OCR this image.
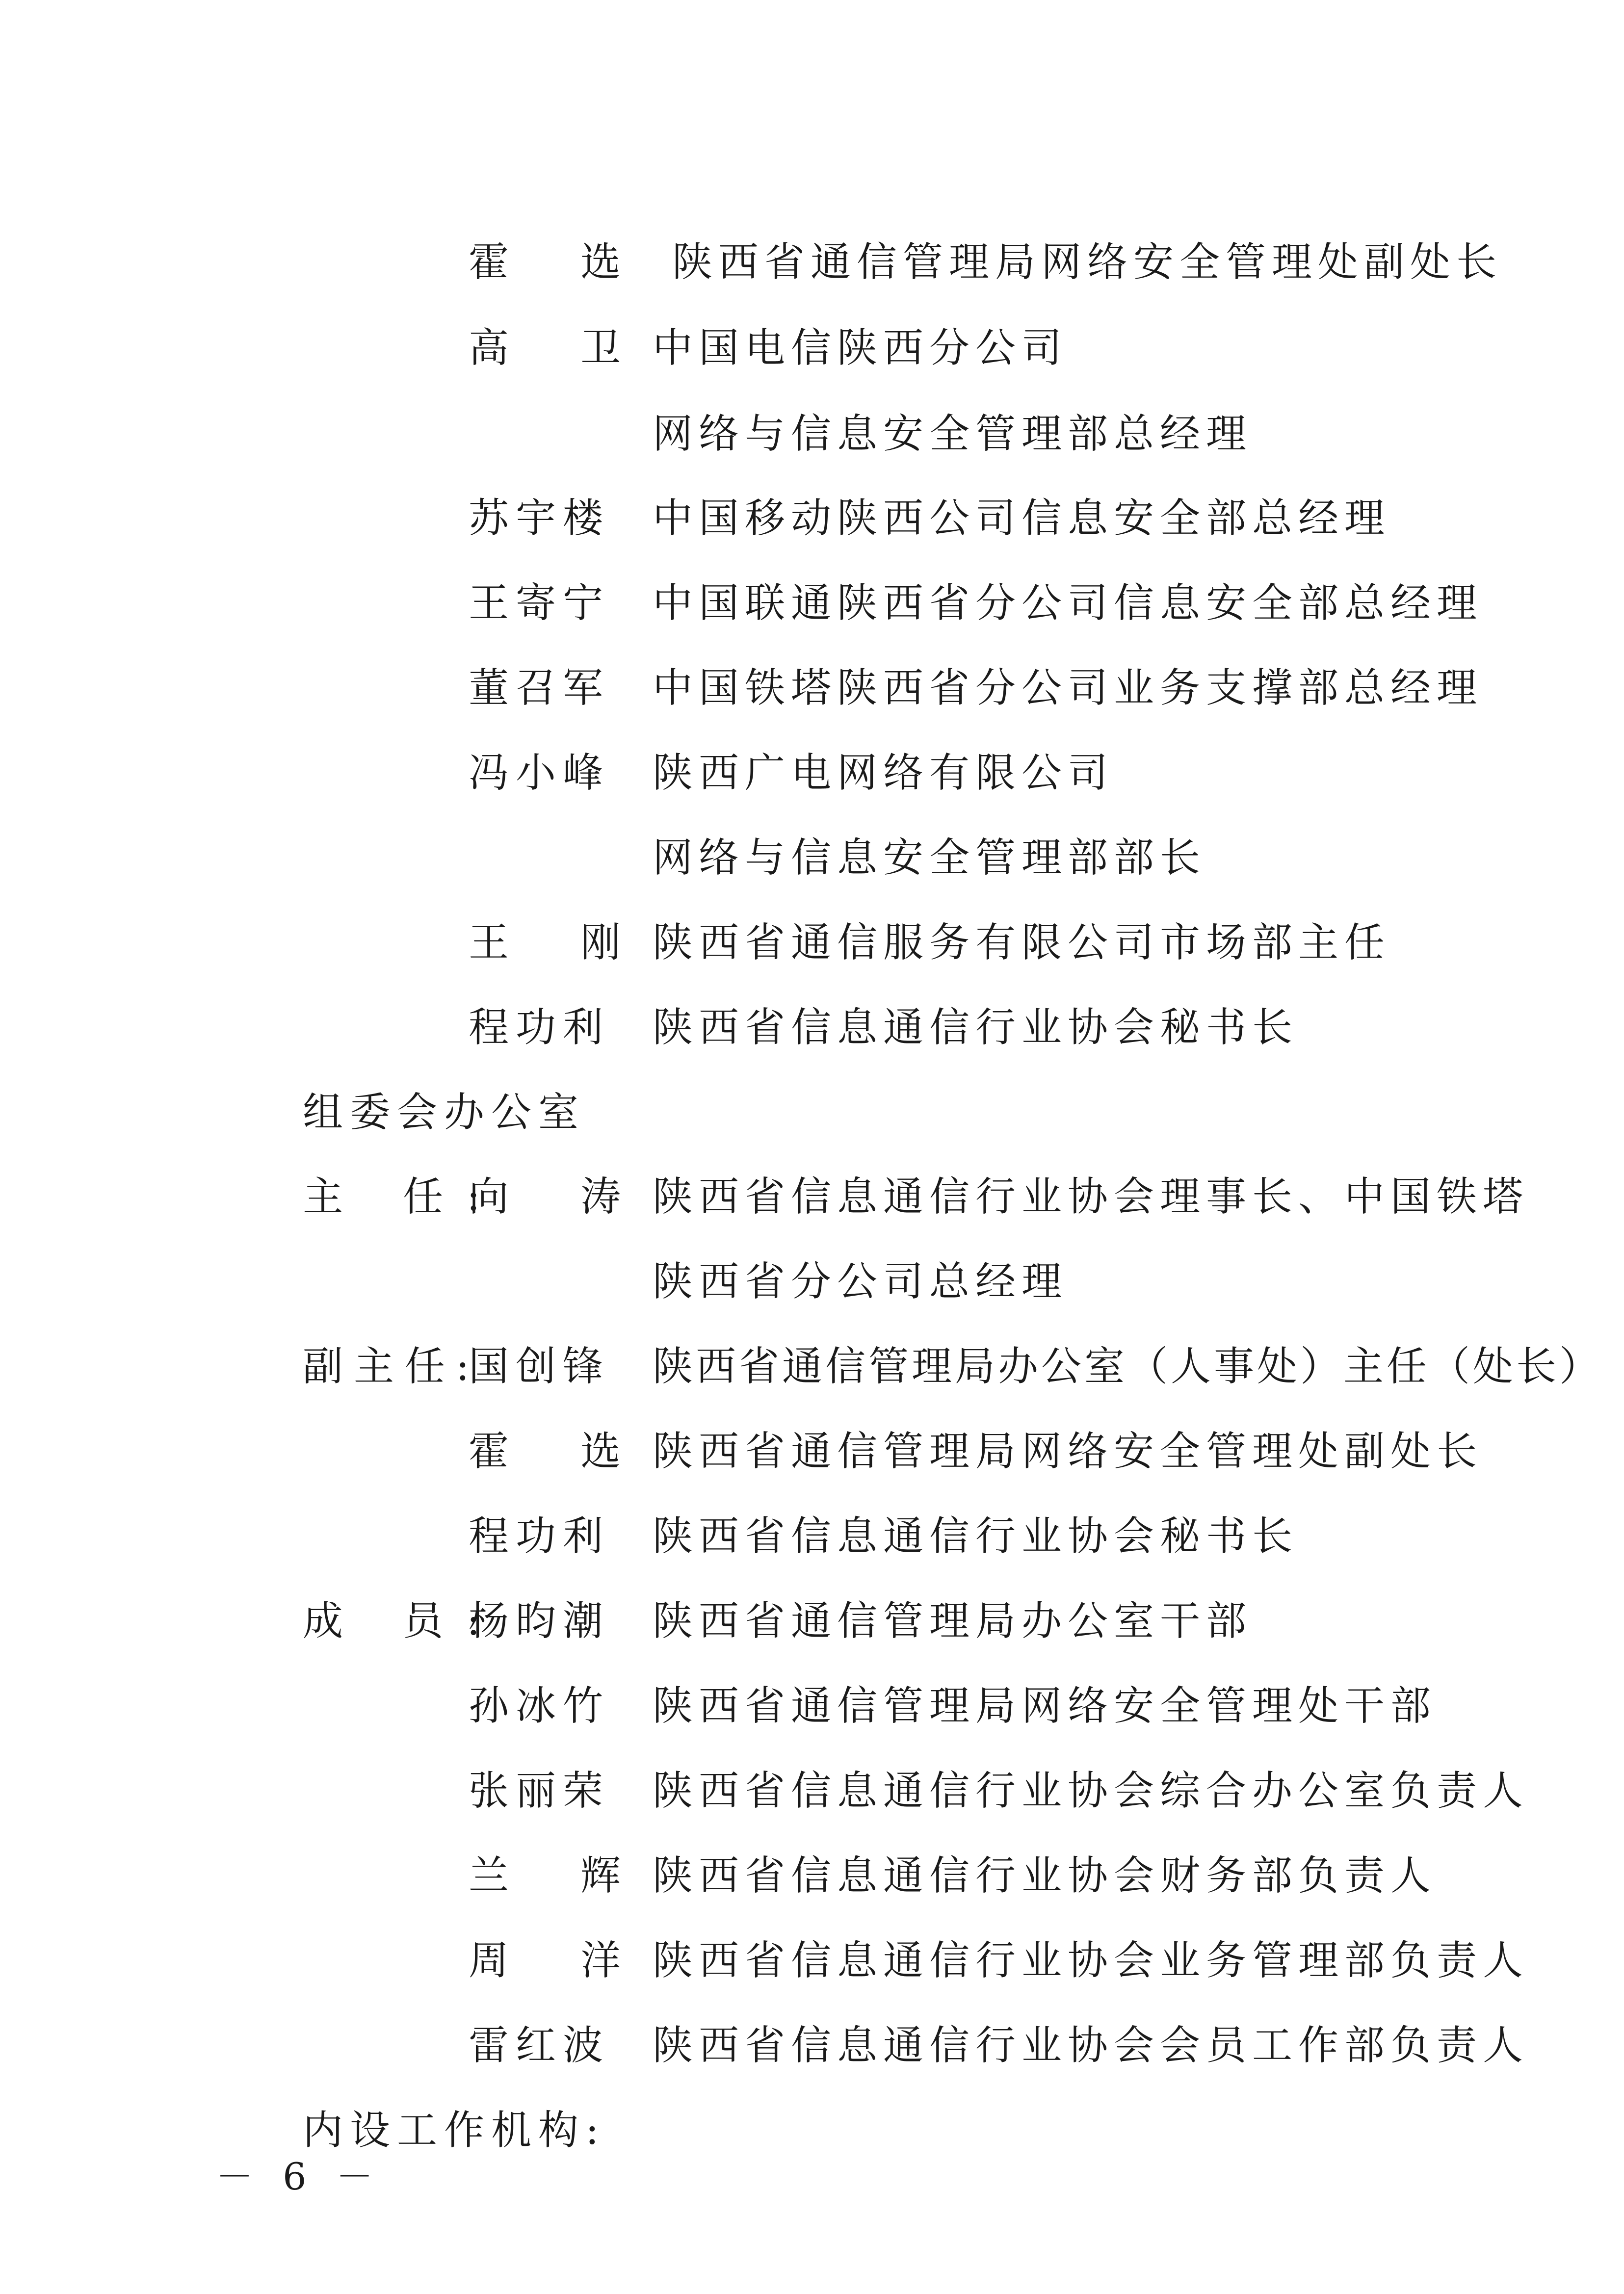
霍 选 陕西省通信管理局网络安全管理处副处长
高 卫 中国电信陕西分公司
网络与信息安全管理部总经理
苏宇楼	中国移动陕西公司信息安全部总经理
王寄宁	中国联通陕西省分公司信息安全部总经理
董召军	中国铁塔陕西省分公司业务支撑部总经理
冯小峰	陕西广电网络有限公司
网络与信息安全管理部部长
王 刚 陕西省通信服务有限公司市场部主任
程功利	陕西省信息通信行业协会秘书长
组委会办公室
主 任:
向 涛 陕西省信息通信行业协会理事长、中国铁塔
陕西省分公司总经理
副主任:
国创锋	陕西省通信管理局办公室（人事处）主任（处长）
霍 选 陕西省通信管理局网络安全管理处副处长
程功利	陕西省信息通信行业协会秘书长
成 员:
杨昀潮	陕西省通信管理局办公室干部
孙冰竹	陕西省通信管理局网络安全管理处干部
张丽荣	陕西省信息通信行业协会综合办公室负责人
兰 辉 陕西省信息通信行业协会财务部负责人
周 洋 陕西省信息通信行业协会业务管理部负责人
雷红波	陕西省信息通信行业协会会员工作部负责人
内设工作机构:
－ 6 －
